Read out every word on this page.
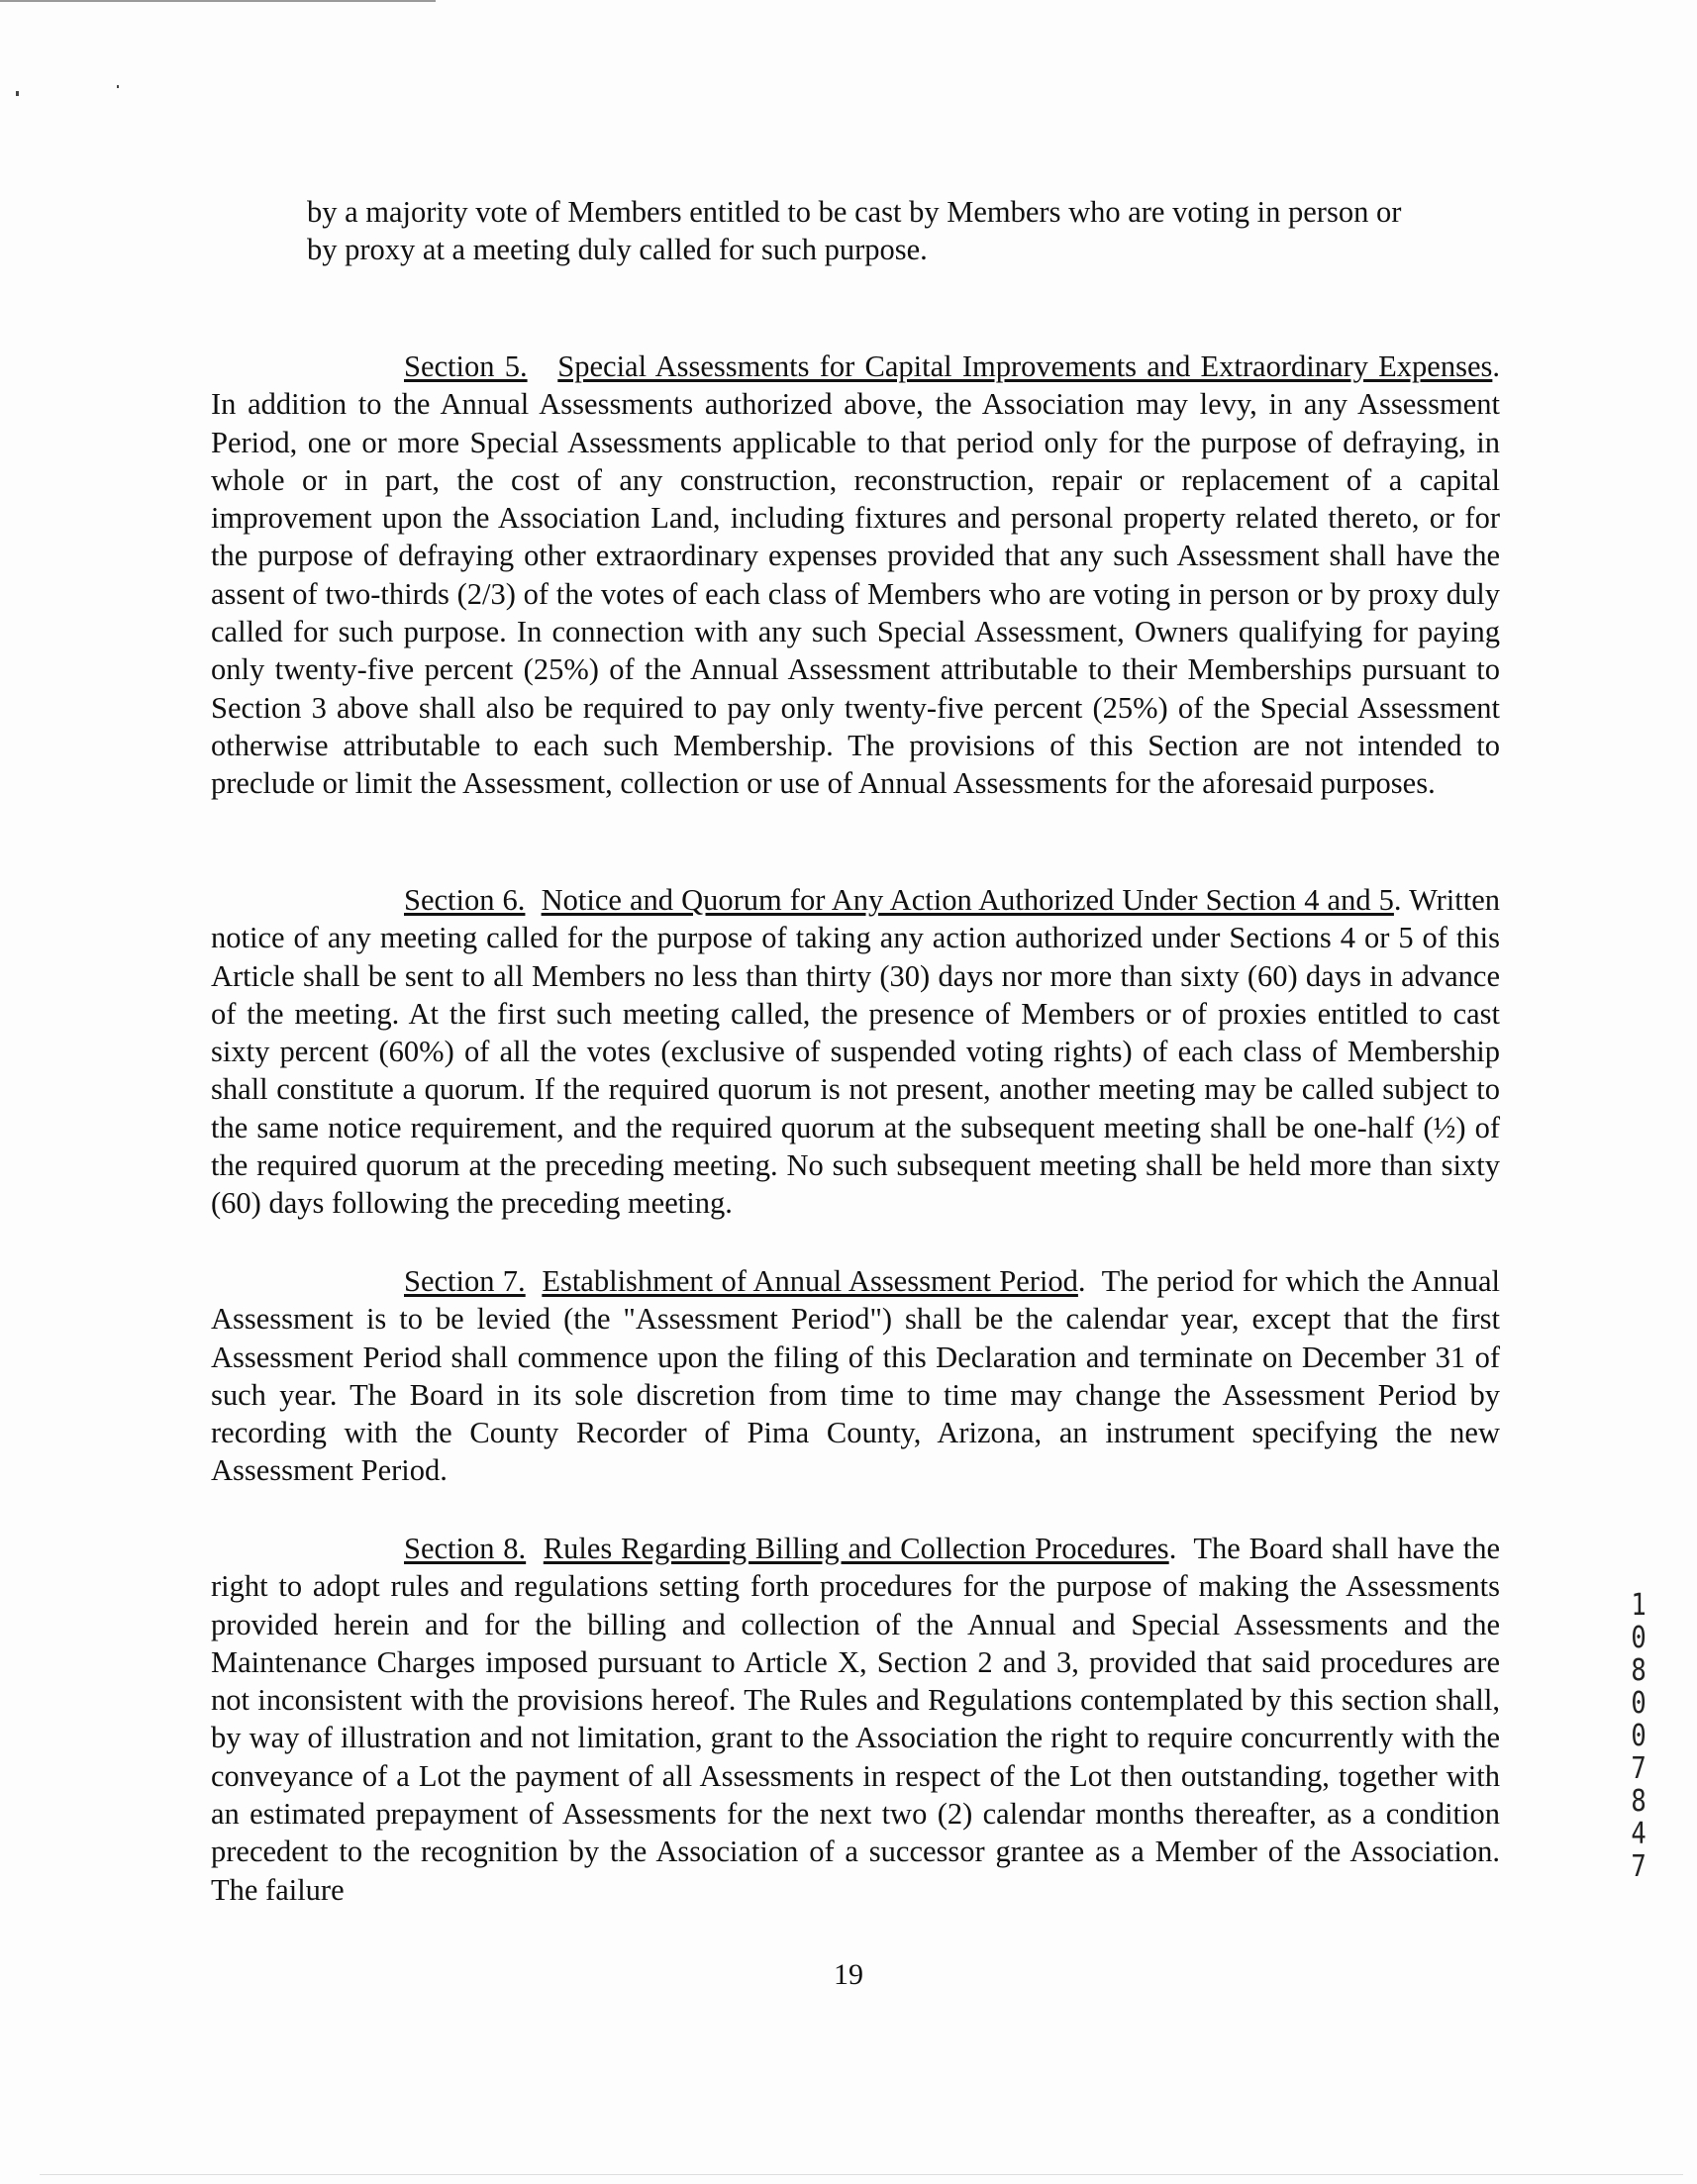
by a majority vote of Members entitled to be cast by Members who are voting in person or by proxy at a meeting duly called for such purpose.

Section 5. Special Assessments for Capital Improvements and Extraordinary Expenses. In addition to the Annual Assessments authorized above, the Association may levy, in any Assessment Period, one or more Special Assessments applicable to that period only for the purpose of defraying, in whole or in part, the cost of any construction, reconstruction, repair or replacement of a capital improvement upon the Association Land, including fixtures and personal property related thereto, or for the purpose of defraying other extraordinary expenses provided that any such Assessment shall have the assent of two-thirds (2/3) of the votes of each class of Members who are voting in person or by proxy duly called for such purpose. In connection with any such Special Assessment, Owners qualifying for paying only twenty-five percent (25%) of the Annual Assessment attributable to their Memberships pursuant to Section 3 above shall also be required to pay only twenty-five percent (25%) of the Special Assessment otherwise attributable to each such Membership. The provisions of this Section are not intended to preclude or limit the Assessment, collection or use of Annual Assessments for the aforesaid purposes.

Section 6. Notice and Quorum for Any Action Authorized Under Section 4 and 5. Written notice of any meeting called for the purpose of taking any action authorized under Sections 4 or 5 of this Article shall be sent to all Members no less than thirty (30) days nor more than sixty (60) days in advance of the meeting. At the first such meeting called, the presence of Members or of proxies entitled to cast sixty percent (60%) of all the votes (exclusive of suspended voting rights) of each class of Membership shall constitute a quorum. If the required quorum is not present, another meeting may be called subject to the same notice requirement, and the required quorum at the subsequent meeting shall be one-half (½) of the required quorum at the preceding meeting. No such subsequent meeting shall be held more than sixty (60) days following the preceding meeting.

Section 7. Establishment of Annual Assessment Period.  The period for which the Annual Assessment is to be levied (the "Assessment Period") shall be the calendar year, except that the first Assessment Period shall commence upon the filing of this Declaration and terminate on December 31 of such year. The Board in its sole discretion from time to time may change the Assessment Period by recording with the County Recorder of Pima County, Arizona, an instrument specifying the new Assessment Period.

Section 8. Rules Regarding Billing and Collection Procedures.  The Board shall have the right to adopt rules and regulations setting forth procedures for the purpose of making the Assessments provided herein and for the billing and collection of the Annual and Special Assessments and the Maintenance Charges imposed pursuant to Article X, Section 2 and 3, provided that said procedures are not inconsistent with the provisions hereof. The Rules and Regulations contemplated by this section shall, by way of illustration and not limitation, grant to the Association the right to require concurrently with the conveyance of a Lot the payment of all Assessments in respect of the Lot then outstanding, together with an estimated prepayment of Assessments for the next two (2) calendar months thereafter, as a condition precedent to the recognition by the Association of a successor grantee as a Member of the Association. The failure

19
10800 7847
